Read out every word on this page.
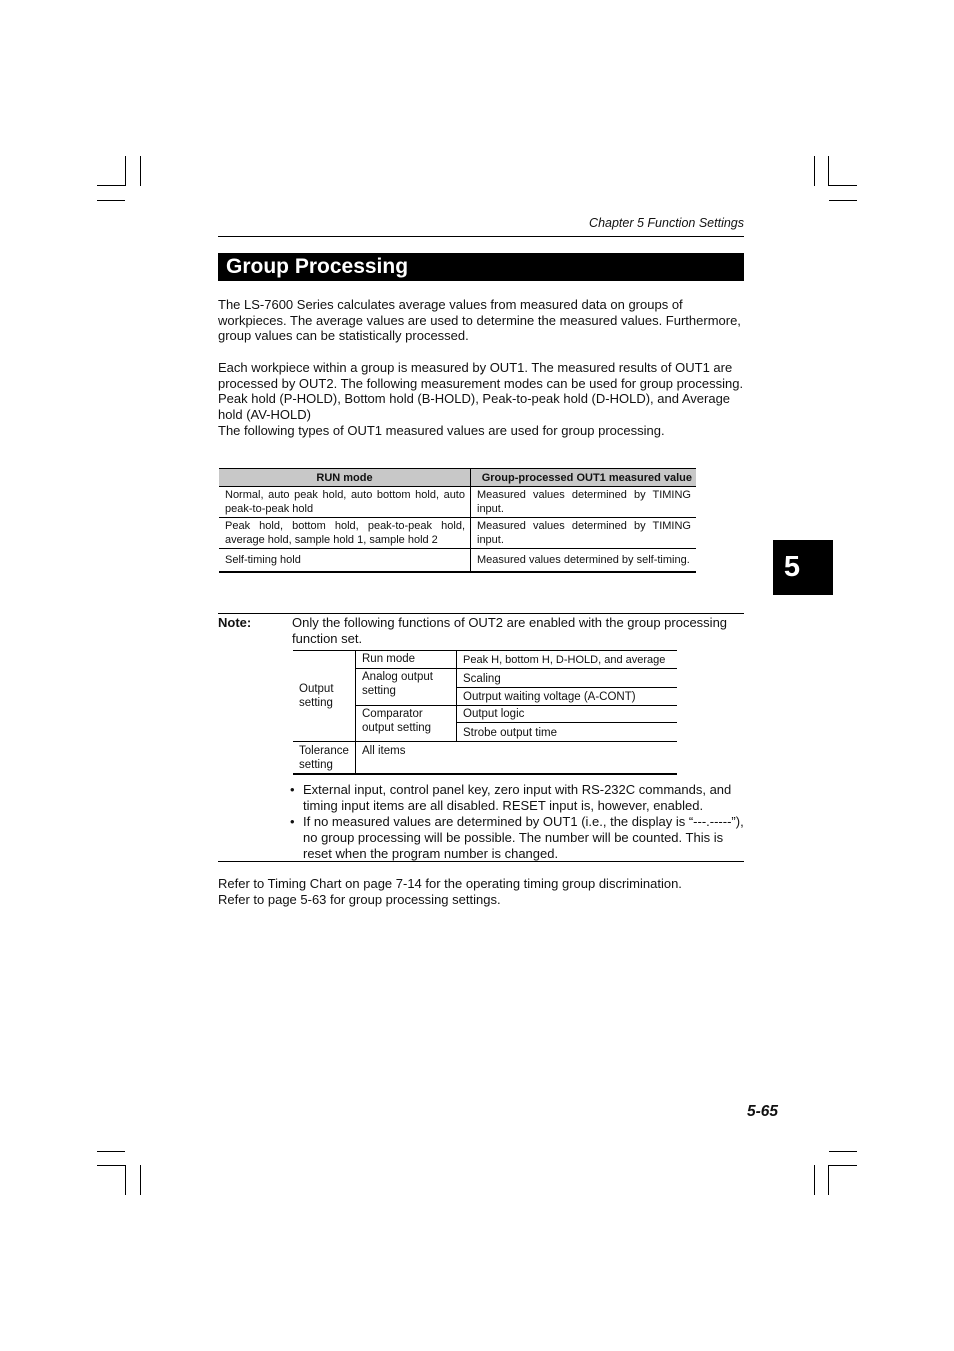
Chapter 5 Function Settings
Group Processing

The LS-7600 Series calculates average values from measured data on groups of workpieces. The average values are used to determine the measured values. Furthermore, group values can be statistically processed.

Each workpiece within a group is measured by OUT1. The measured results of OUT1 are processed by OUT2. The following measurement modes can be used for group processing.

Peak hold (P-HOLD), Bottom hold (B-HOLD), Peak-to-peak hold (D-HOLD), and Average hold (AV-HOLD)

The following types of OUT1 measured values are used for group processing.

RUN mode	Group-processed OUT1 measured value
Normal, auto peak hold, auto bottom hold, auto peak-to-peak hold	Measured values determined by TIMING input.
Peak hold, bottom hold, peak-to-peak hold, average hold, sample hold 1, sample hold 2	Measured values determined by TIMING input.
Self-timing hold	Measured values determined by self-timing.
Note:	Only the following functions of OUT2 are enabled with the group processing function set.
Output setting	Run mode	Peak H, bottom H, D-HOLD, and average
	Analog output setting	Scaling
		Outrput waiting voltage (A-CONT)
	Comparator output setting	Output logic
		Strobe output time
Tolerance setting	All items	
• External input, control panel key, zero input with RS-232C commands, and timing input items are all disabled. RESET input is, however, enabled.
• If no measured values are determined by OUT1 (i.e., the display is “---.-----”), no group processing will be possible. The number will be counted. This is reset when the program number is changed.

Refer to Timing Chart on page 7-14 for the operating timing group discrimination.

Refer to page 5-63 for group processing settings.

5
5-65
